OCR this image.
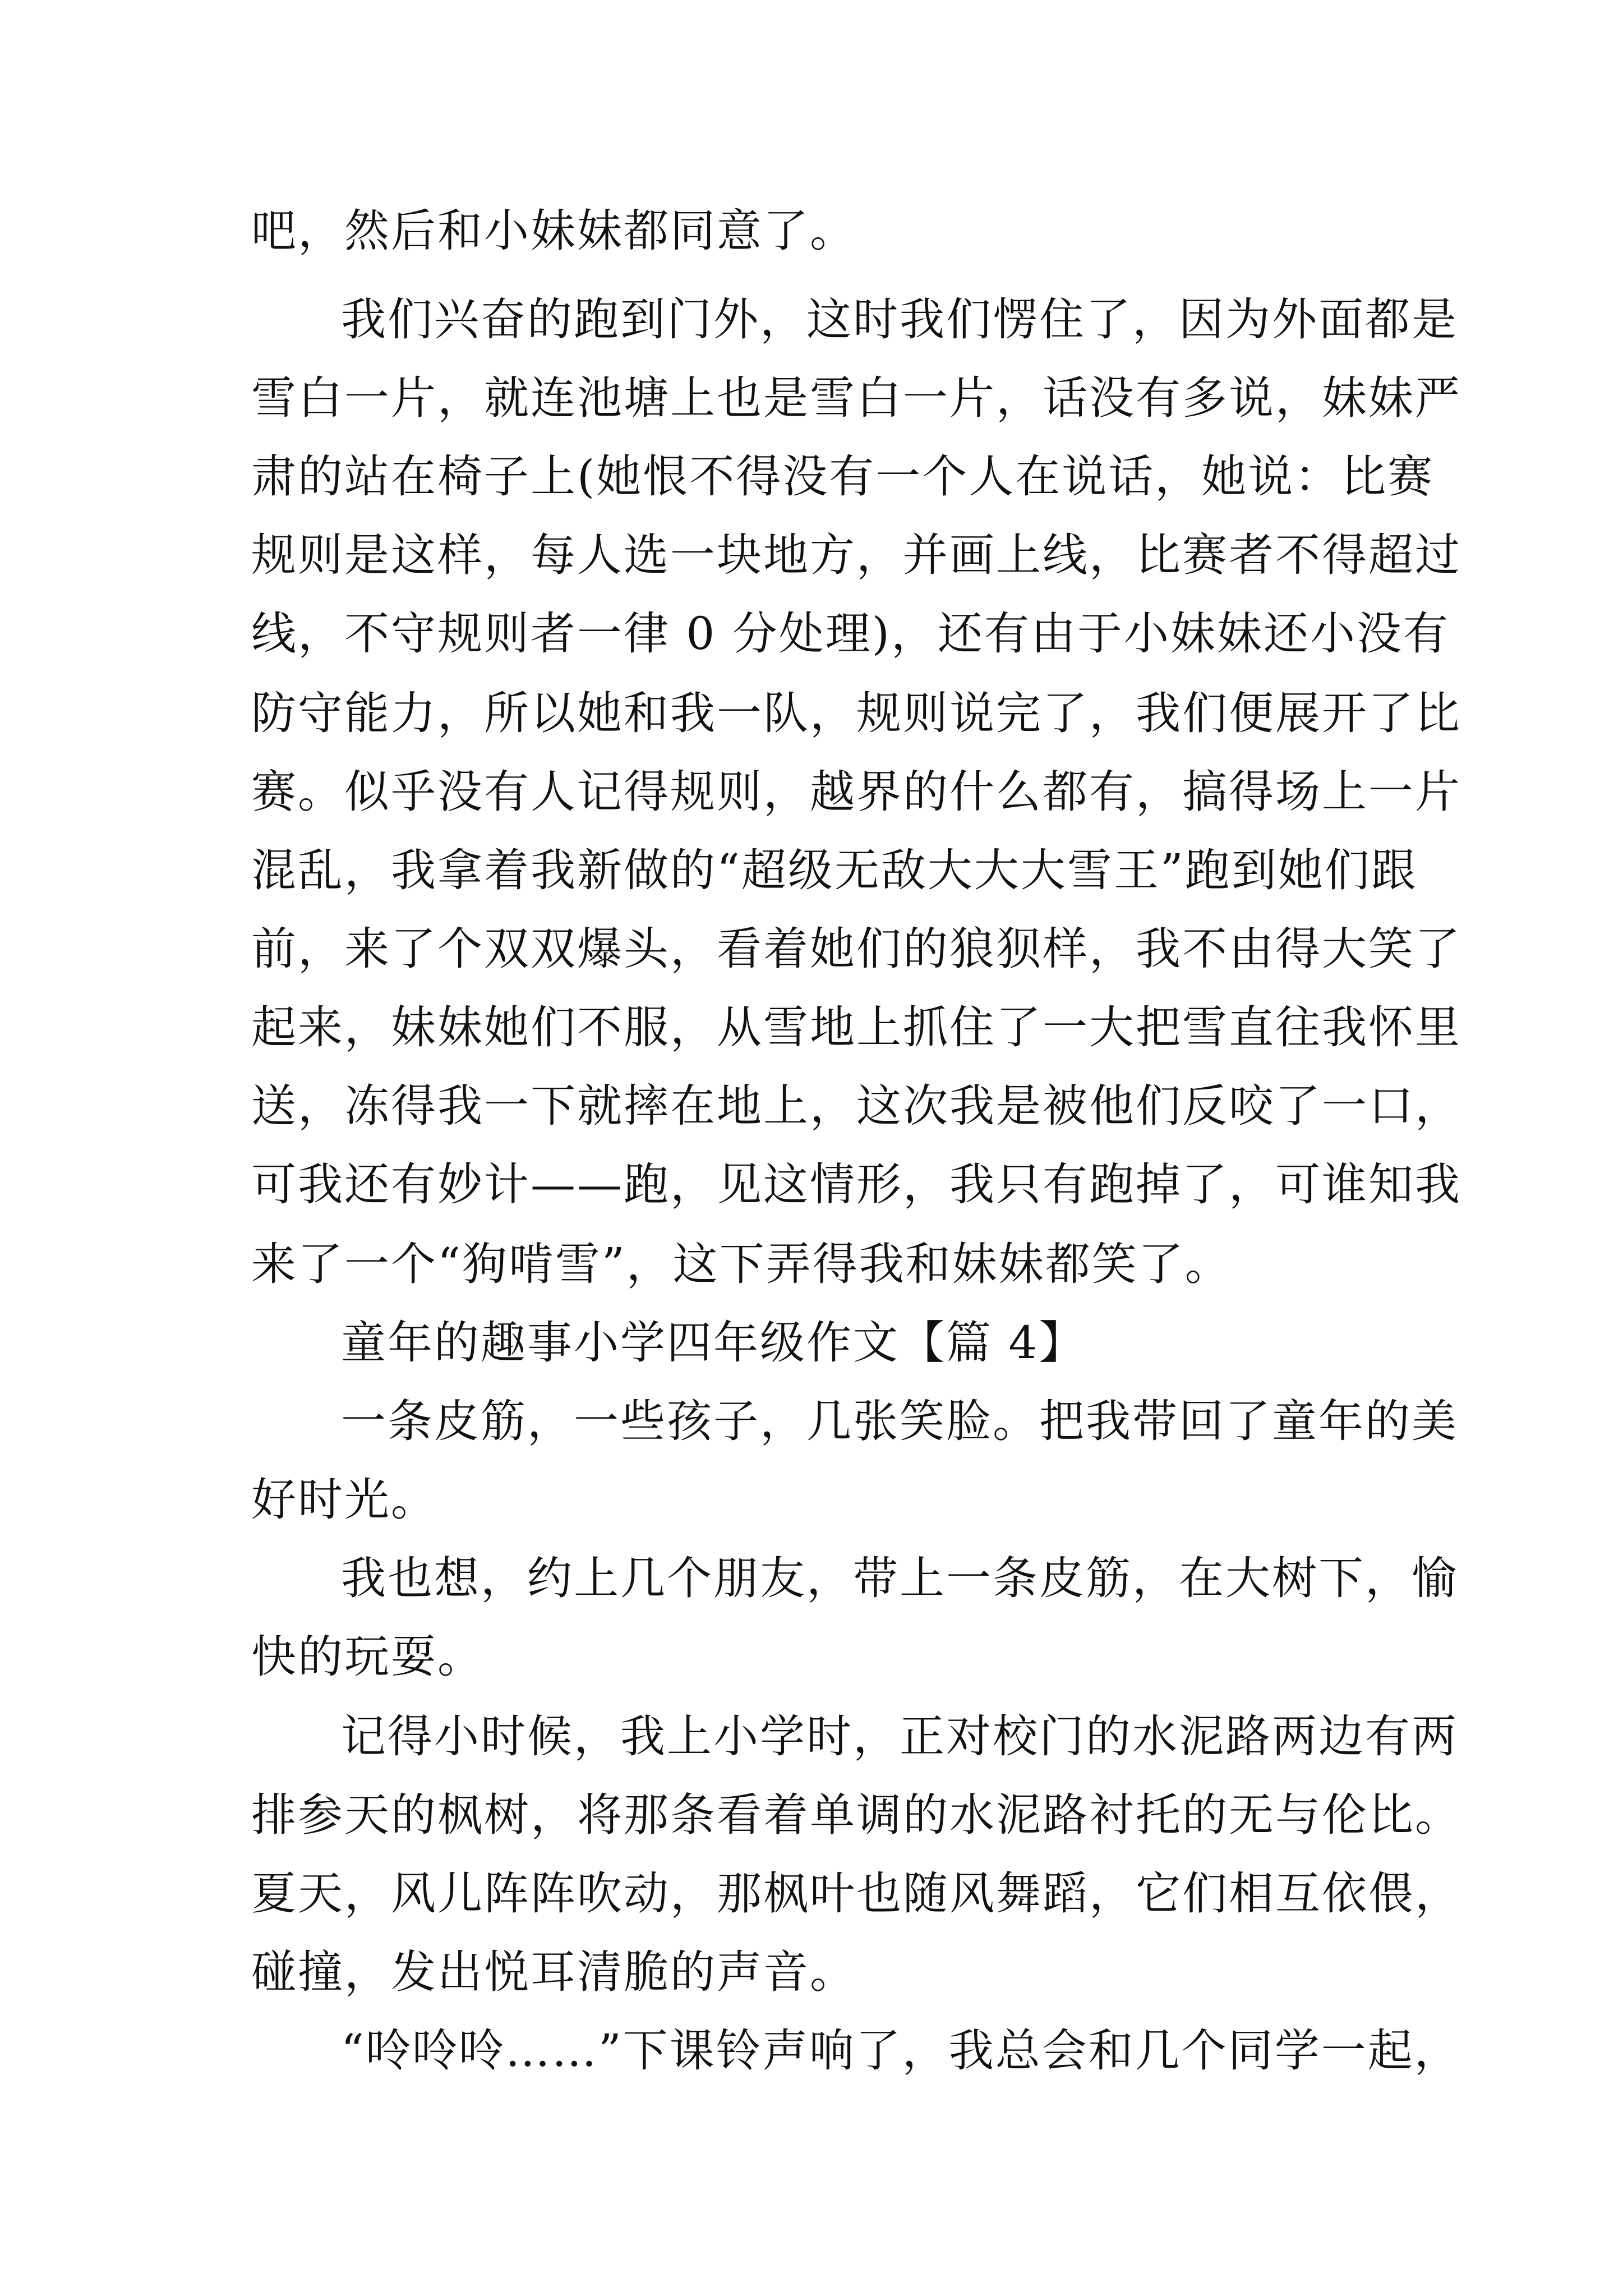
吧，然后和小妹妹都同意了。

我们兴奋的跑到门外，这时我们愣住了，因为外面都是

雪白一片，就连池塘上也是雪白一片，话没有多说，妹妹严

肃的站在椅子上(她恨不得没有一个人在说话，她说：比赛

规则是这样，每人选一块地方，并画上线，比赛者不得超过

线，不守规则者一律 0 分处理)，还有由于小妹妹还小没有

防守能力，所以她和我一队，规则说完了，我们便展开了比

赛。似乎没有人记得规则，越界的什么都有，搞得场上一片

混乱，我拿着我新做的“超级无敌大大大雪王”跑到她们跟

前，来了个双双爆头，看着她们的狼狈样，我不由得大笑了

起来，妹妹她们不服，从雪地上抓住了一大把雪直往我怀里

送，冻得我一下就摔在地上，这次我是被他们反咬了一口，

可我还有妙计——跑，见这情形，我只有跑掉了，可谁知我

来了一个“狗啃雪”，这下弄得我和妹妹都笑了。

童年的趣事小学四年级作文【篇 4】

一条皮筋，一些孩子，几张笑脸。把我带回了童年的美

好时光。

我也想，约上几个朋友，带上一条皮筋，在大树下，愉

快的玩耍。

记得小时候，我上小学时，正对校门的水泥路两边有两

排参天的枫树，将那条看着单调的水泥路衬托的无与伦比。

夏天，风儿阵阵吹动，那枫叶也随风舞蹈，它们相互依偎，

碰撞，发出悦耳清脆的声音。

“呤呤呤……”下课铃声响了，我总会和几个同学一起，
